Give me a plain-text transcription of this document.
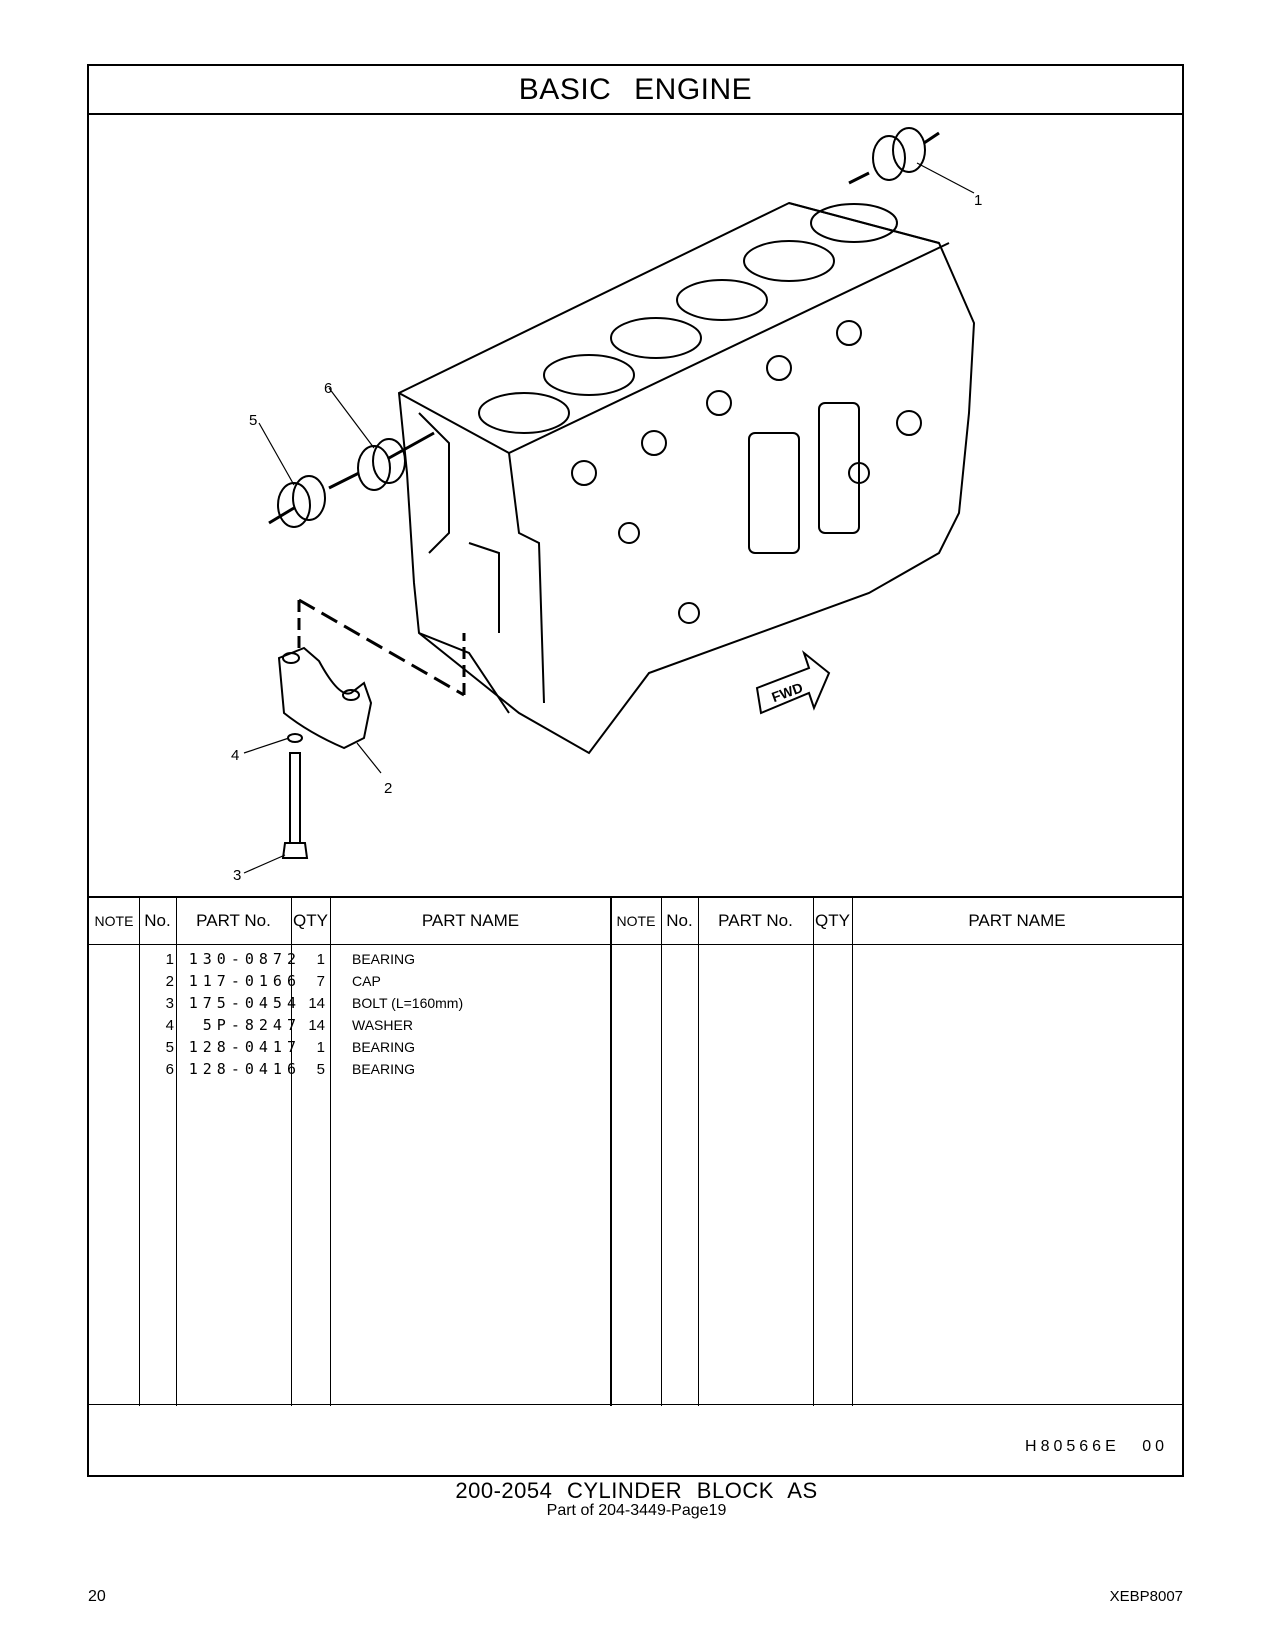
BASIC ENGINE
FWD
1
2
3
4
5
6
NOTE No.	PART No.	QTY	PART NAME	NOTE No.	PART No.	QTY	PART NAME
1 130-0872	1 BEARING
2 117-0166	7 CAP
3 175-0454 14 BOLT (L=160mm)
4	5P-8247 14 WASHER
5 128-0417	1 BEARING
6 128-0416	5 BEARING
H80566E 00
200-2054 CYLINDER BLOCK AS
Part of 204-3449-Page19
20	XEBP8007
